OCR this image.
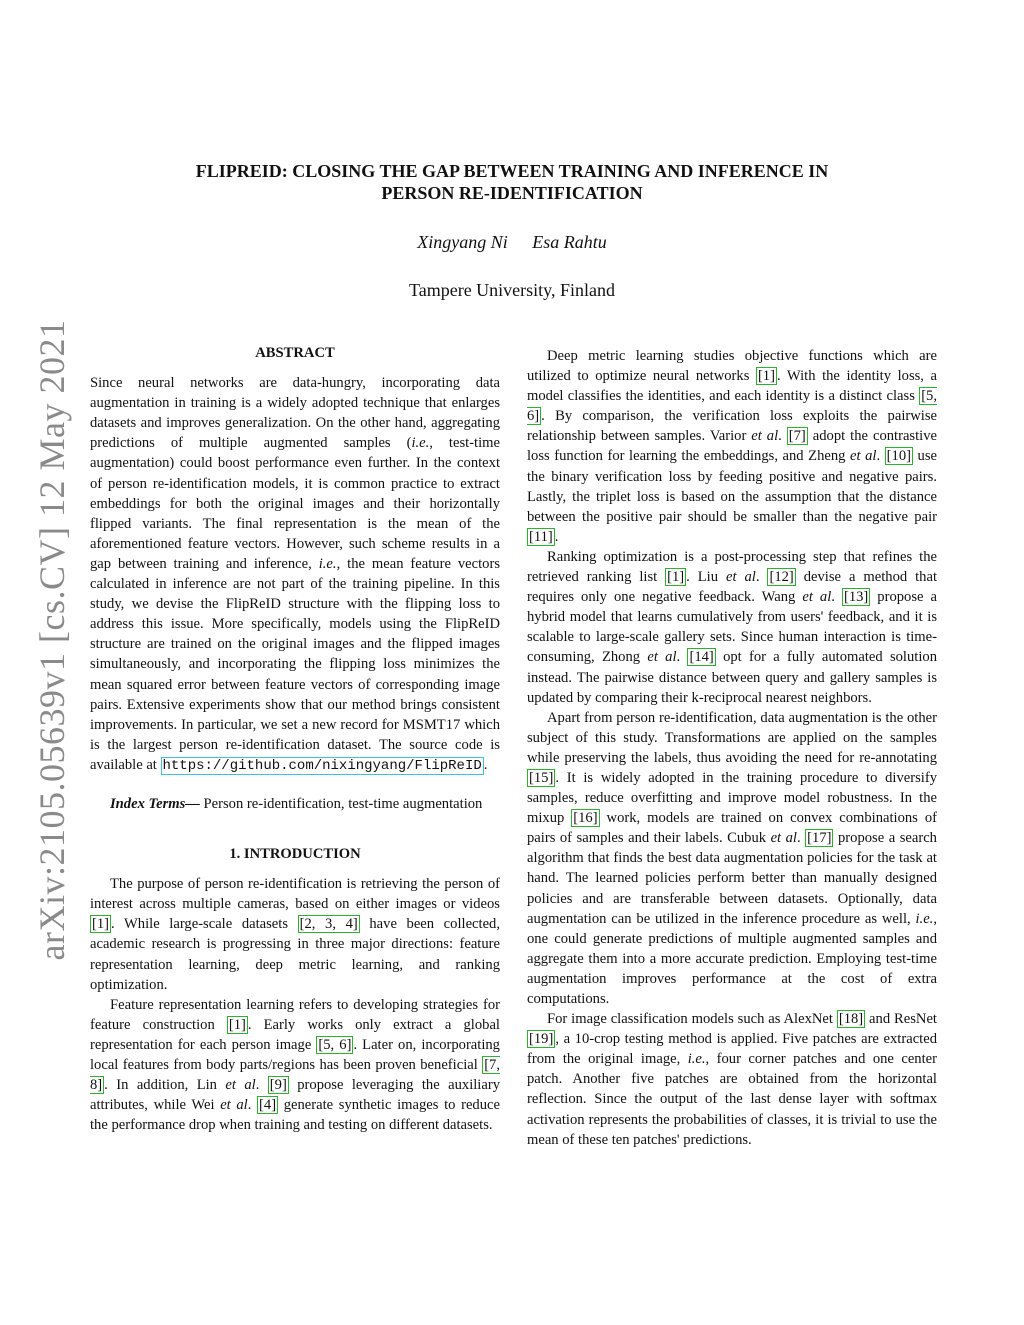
arXiv:2105.05639v1 [cs.CV] 12 May 2021
FLIPREID: CLOSING THE GAP BETWEEN TRAINING AND INFERENCE IN
PERSON RE-IDENTIFICATION
Xingyang Ni Esa Rahtu
Tampere University, Finland
ABSTRACT

Since neural networks are data-hungry, incorporating data augmentation in training is a widely adopted technique that enlarges datasets and improves generalization. On the other hand, aggregating predictions of multiple augmented samples (i.e., test-time augmentation) could boost performance even further. In the context of person re-identification models, it is common practice to extract embeddings for both the original images and their horizontally flipped variants. The final representation is the mean of the aforementioned feature vectors. However, such scheme results in a gap between training and inference, i.e., the mean feature vectors calculated in inference are not part of the training pipeline. In this study, we devise the FlipReID structure with the flipping loss to address this issue. More specifically, models using the FlipReID structure are trained on the original images and the flipped images simultaneously, and incorporating the flipping loss minimizes the mean squared error between feature vectors of corresponding image pairs. Extensive experiments show that our method brings consistent improvements. In particular, we set a new record for MSMT17 which is the largest person re-identification dataset. The source code is available at https://github.com/nixingyang/FlipReID .

Index Terms— Person re-identification, test-time augmentation

1. INTRODUCTION

The purpose of person re-identification is retrieving the person of interest across multiple cameras, based on either images or videos [1] . While large-scale datasets [2, 3, 4] have been collected, academic research is progressing in three major directions: feature representation learning, deep metric learning, and ranking optimization.

Feature representation learning refers to developing strategies for feature construction [1] . Early works only extract a global representation for each person image [5, 6] . Later on, incorporating local features from body parts/regions has been proven beneficial [7, 8] . In addition, Lin et al. [9] propose leveraging the auxiliary attributes, while Wei et al. [4] generate synthetic images to reduce the performance drop when training and testing on different datasets.

Deep metric learning studies objective functions which are utilized to optimize neural networks [1] . With the identity loss, a model classifies the identities, and each identity is a distinct class [5, 6] . By comparison, the verification loss exploits the pairwise relationship between samples. Varior et al. [7] adopt the contrastive loss function for learning the embeddings, and Zheng et al. [10] use the binary verification loss by feeding positive and negative pairs. Lastly, the triplet loss is based on the assumption that the distance between the positive pair should be smaller than the negative pair [11] .

Ranking optimization is a post-processing step that refines the retrieved ranking list [1] . Liu et al. [12] devise a method that requires only one negative feedback. Wang et al. [13] propose a hybrid model that learns cumulatively from users' feedback, and it is scalable to large-scale gallery sets. Since human interaction is time-consuming, Zhong et al. [14] opt for a fully automated solution instead. The pairwise distance between query and gallery samples is updated by comparing their k-reciprocal nearest neighbors.

Apart from person re-identification, data augmentation is the other subject of this study. Transformations are applied on the samples while preserving the labels, thus avoiding the need for re-annotating [15] . It is widely adopted in the training procedure to diversify samples, reduce overfitting and improve model robustness. In the mixup [16] work, models are trained on convex combinations of pairs of samples and their labels. Cubuk et al. [17] propose a search algorithm that finds the best data augmentation policies for the task at hand. The learned policies perform better than manually designed policies and are transferable between datasets. Optionally, data augmentation can be utilized in the inference procedure as well, i.e., one could generate predictions of multiple augmented samples and aggregate them into a more accurate prediction. Employing test-time augmentation improves performance at the cost of extra computations.

For image classification models such as AlexNet [18] and ResNet [19] , a 10-crop testing method is applied. Five patches are extracted from the original image, i.e., four corner patches and one center patch. Another five patches are obtained from the horizontal reflection. Since the output of the last dense layer with softmax activation represents the probabilities of classes, it is trivial to use the mean of these ten patches' predictions.
